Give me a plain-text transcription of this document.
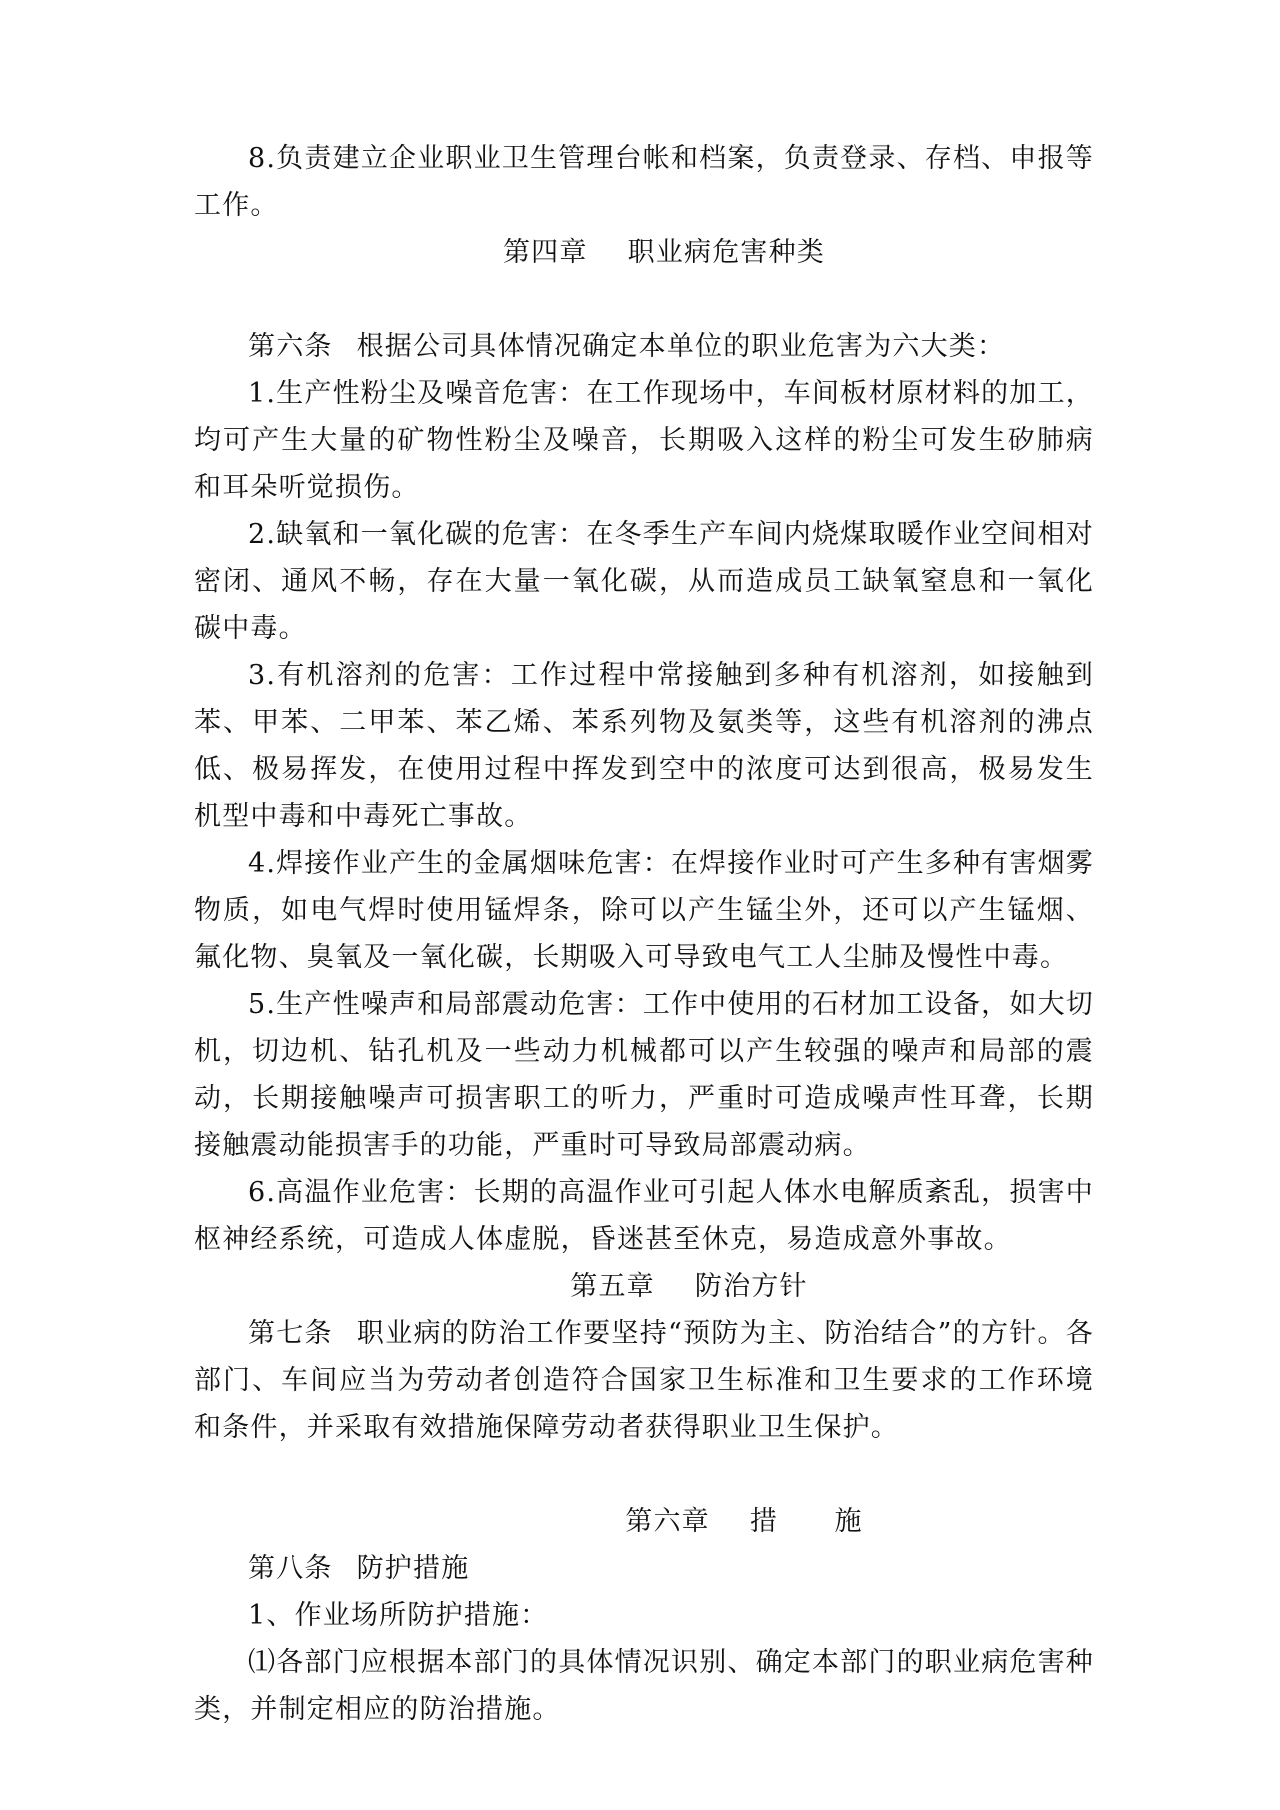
8.负责建立企业职业卫生管理台帐和档案，负责登录、存档、申报等工作。

第四章 职业病危害种类

第六条 根据公司具体情况确定本单位的职业危害为六大类：

1.生产性粉尘及噪音危害：在工作现场中，车间板材原材料的加工，均可产生大量的矿物性粉尘及噪音，长期吸入这样的粉尘可发生矽肺病和耳朵听觉损伤。

2.缺氧和一氧化碳的危害：在冬季生产车间内烧煤取暖作业空间相对密闭、通风不畅，存在大量一氧化碳，从而造成员工缺氧窒息和一氧化碳中毒。

3.有机溶剂的危害：工作过程中常接触到多种有机溶剂，如接触到苯、甲苯、二甲苯、苯乙烯、苯系列物及氨类等，这些有机溶剂的沸点低、极易挥发，在使用过程中挥发到空中的浓度可达到很高，极易发生机型中毒和中毒死亡事故。

4.焊接作业产生的金属烟味危害：在焊接作业时可产生多种有害烟雾物质，如电气焊时使用锰焊条，除可以产生锰尘外，还可以产生锰烟、氟化物、臭氧及一氧化碳，长期吸入可导致电气工人尘肺及慢性中毒。

5.生产性噪声和局部震动危害：工作中使用的石材加工设备，如大切机，切边机、钻孔机及一些动力机械都可以产生较强的噪声和局部的震动，长期接触噪声可损害职工的听力，严重时可造成噪声性耳聋，长期接触震动能损害手的功能，严重时可导致局部震动病。

6.高温作业危害：长期的高温作业可引起人体水电解质紊乱，损害中枢神经系统，可造成人体虚脱，昏迷甚至休克，易造成意外事故。

第五章 防治方针

第七条 职业病的防治工作要坚持“预防为主、防治结合”的方针。各部门、车间应当为劳动者创造符合国家卫生标准和卫生要求的工作环境和条件，并采取有效措施保障劳动者获得职业卫生保护。

第六章 措　　施

第八条 防护措施

1、作业场所防护措施：

⑴各部门应根据本部门的具体情况识别、确定本部门的职业病危害种类，并制定相应的防治措施。
